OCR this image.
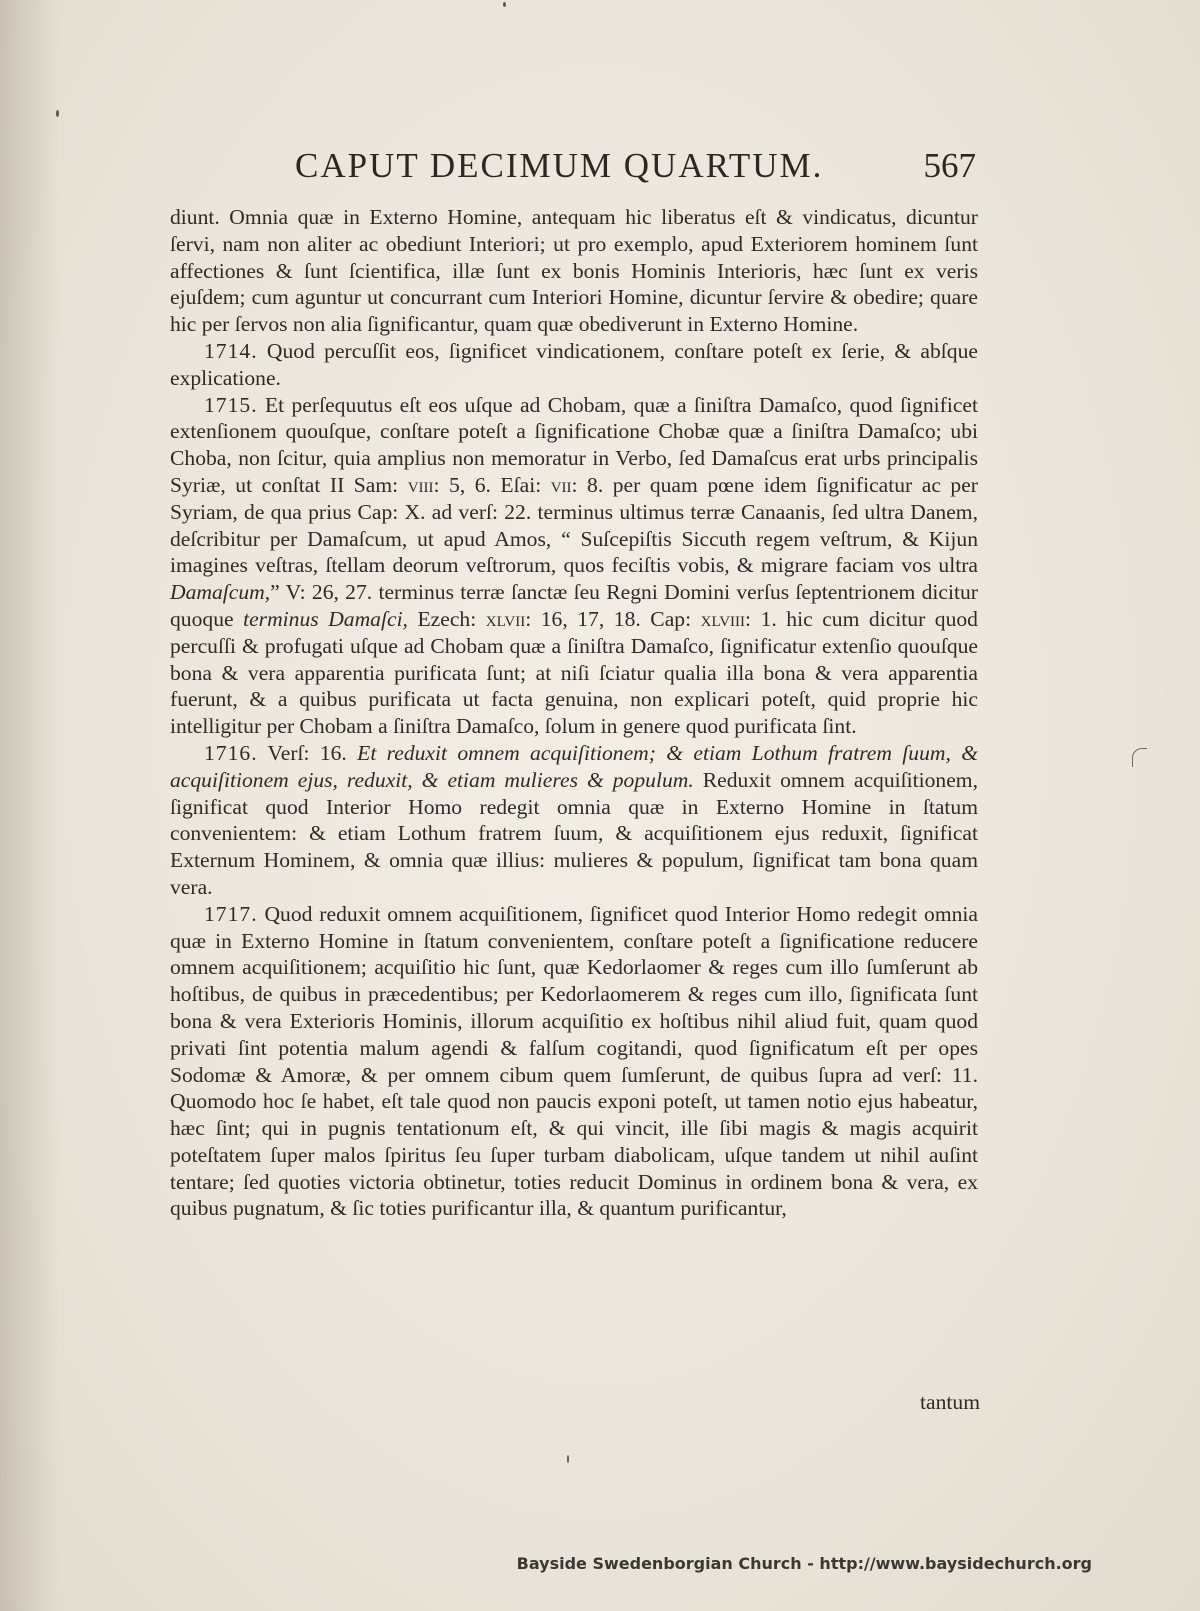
CAPUT DECIMUM QUARTUM.	567

diunt. Omnia quæ in Externo Homine, antequam hic liberatus eſt & vindicatus, dicuntur ſervi, nam non aliter ac obediunt Interiori; ut pro exemplo, apud Exteriorem hominem ſunt affectiones & ſunt ſcientifica, illæ ſunt ex bonis Hominis Interioris, hæc ſunt ex veris ejuſdem; cum aguntur ut concurrant cum Interiori Homine, dicuntur ſervire & obedire; quare hic per ſervos non alia ſignificantur, quam quæ obediverunt in Externo Homine.

1714. Quod percuſſit eos, ſignificet vindicationem, conſtare poteſt ex ſerie, & abſque explicatione.

1715. Et perſequutus eſt eos uſque ad Chobam, quæ a ſiniſtra Damaſco, quod ſignificet extenſionem quouſque, conſtare poteſt a ſignificatione Chobæ quæ a ſiniſtra Damaſco; ubi Choba, non ſcitur, quia amplius non memoratur in Verbo, ſed Damaſcus erat urbs principalis Syriæ, ut conſtat II Sam: viii: 5, 6. Eſai: vii: 8. per quam pœne idem ſignificatur ac per Syriam, de qua prius Cap: X. ad verſ: 22. terminus ultimus terræ Canaanis, ſed ultra Danem, deſcribitur per Damaſcum, ut apud Amos, “ Suſcepiſtis Siccuth regem veſtrum, & Kijun imagines veſtras, ſtellam deorum veſtrorum, quos feciſtis vobis, & migrare faciam vos ultra Damaſcum,” V: 26, 27. terminus terræ ſanctæ ſeu Regni Domini verſus ſeptentrionem dicitur quoque terminus Damaſci, Ezech: xlvii: 16, 17, 18. Cap: xlviii: 1. hic cum dicitur quod percuſſi & profugati uſque ad Chobam quæ a ſiniſtra Damaſco, ſignificatur extenſio quouſque bona & vera apparentia purificata ſunt; at niſi ſciatur qualia illa bona & vera apparentia fuerunt, & a quibus purificata ut facta genuina, non explicari poteſt, quid proprie hic intelligitur per Chobam a ſiniſtra Damaſco, ſolum in genere quod purificata ſint.

1716. Verſ: 16. Et reduxit omnem acquiſitionem; & etiam Lothum fratrem ſuum, & acquiſitionem ejus, reduxit, & etiam mulieres & populum. Reduxit omnem acquiſitionem, ſignificat quod Interior Homo redegit omnia quæ in Externo Homine in ſtatum convenientem: & etiam Lothum fratrem ſuum, & acquiſitionem ejus reduxit, ſignificat Externum Hominem, & omnia quæ illius: mulieres & populum, ſignificat tam bona quam vera.

1717. Quod reduxit omnem acquiſitionem, ſignificet quod Interior Homo redegit omnia quæ in Externo Homine in ſtatum convenientem, conſtare poteſt a ſignificatione reducere omnem acquiſitionem; acquiſitio hic ſunt, quæ Kedorlaomer & reges cum illo ſumſerunt ab hoſtibus, de quibus in præcedentibus; per Kedorlaomerem & reges cum illo, ſignificata ſunt bona & vera Exterioris Hominis, illorum acquiſitio ex hoſtibus nihil aliud fuit, quam quod privati ſint potentia malum agendi & falſum cogitandi, quod ſignificatum eſt per opes Sodomæ & Amoræ, & per omnem cibum quem ſumſerunt, de quibus ſupra ad verſ: 11. Quomodo hoc ſe habet, eſt tale quod non paucis exponi poteſt, ut tamen notio ejus habeatur, hæc ſint; qui in pugnis tentationum eſt, & qui vincit, ille ſibi magis & magis acquirit poteſtatem ſuper malos ſpiritus ſeu ſuper turbam diabolicam, uſque tandem ut nihil auſint tentare; ſed quoties victoria obtinetur, toties reducit Dominus in ordinem bona & vera, ex quibus pugnatum, & ſic toties purificantur illa, & quantum purificantur,

tantum
Bayside Swedenborgian Church - http://www.baysidechurch.org
